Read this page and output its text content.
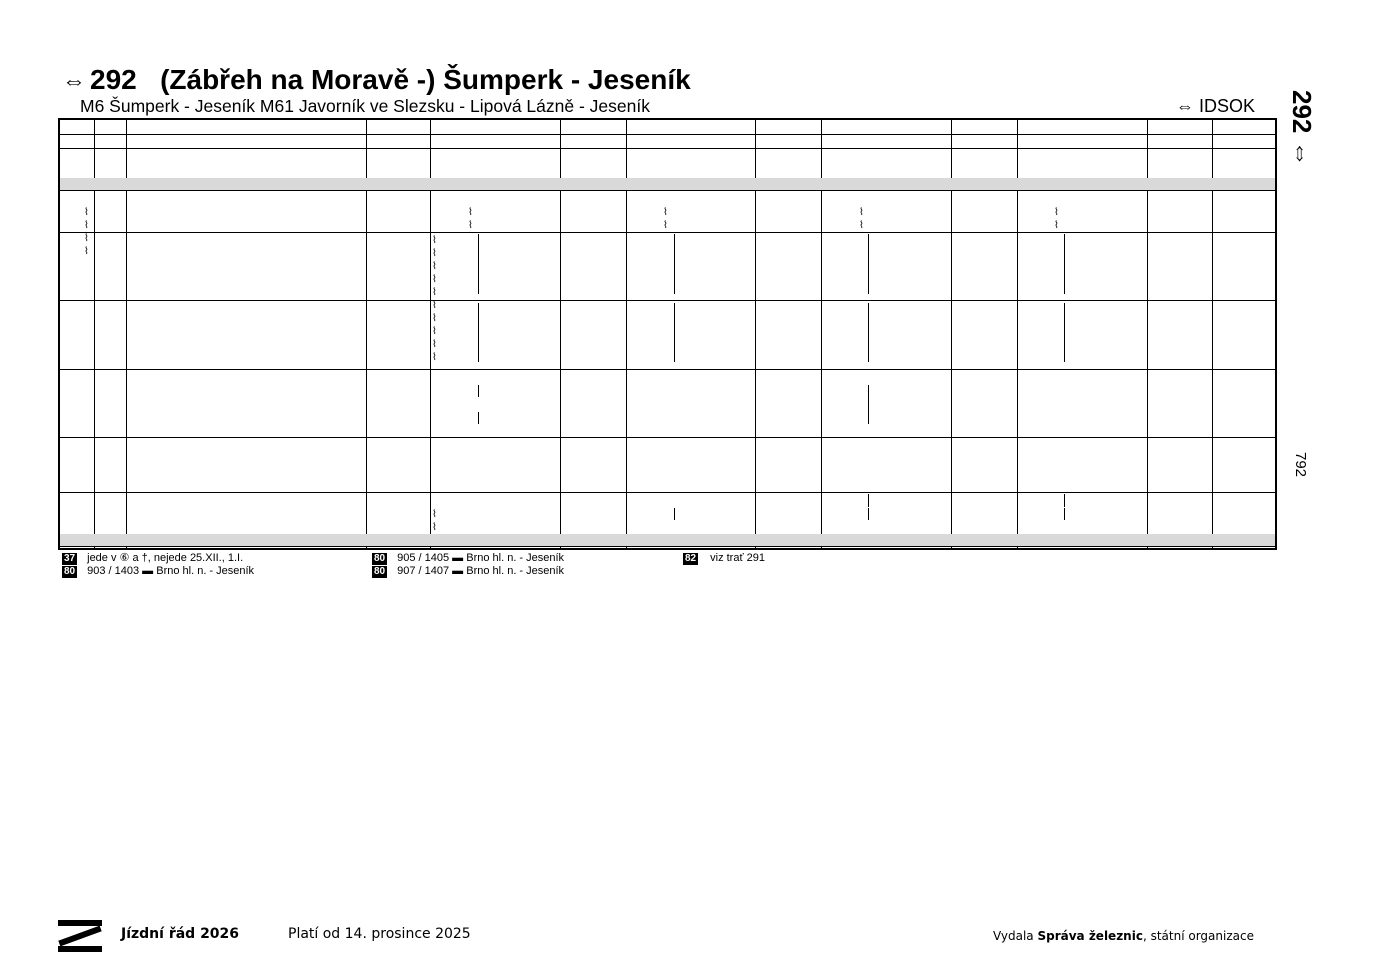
⇔ 292 (Zábřeh na Moravě -) Šumperk - Jeseník
M6 Šumperk - Jeseník M61 Javorník ve Slezsku - Lipová Lázně - Jeseník	⇔ IDSOK 292 ⇔
792
⌇
⌇
⌇
⌇
⌇
⌇
⌇
⌇
⌇
⌇
⌇
⌇
⌇
⌇
⌇
⌇
⌇
⌇
⌇
⌇
⌇
⌇
⌇
⌇
37 jede v ⑥ a †, nejede 25.XII., 1.I.	80 905 / 1405 ▬ Brno hl. n. - Jeseník	82 viz trať 291
80 903 / 1403 ▬ Brno hl. n. - Jeseník	80 907 / 1407 ▬ Brno hl. n. - Jeseník
Jízdní řád 2026	Platí od 14. prosince 2025	Vydala Správa železnic, státní organizace
